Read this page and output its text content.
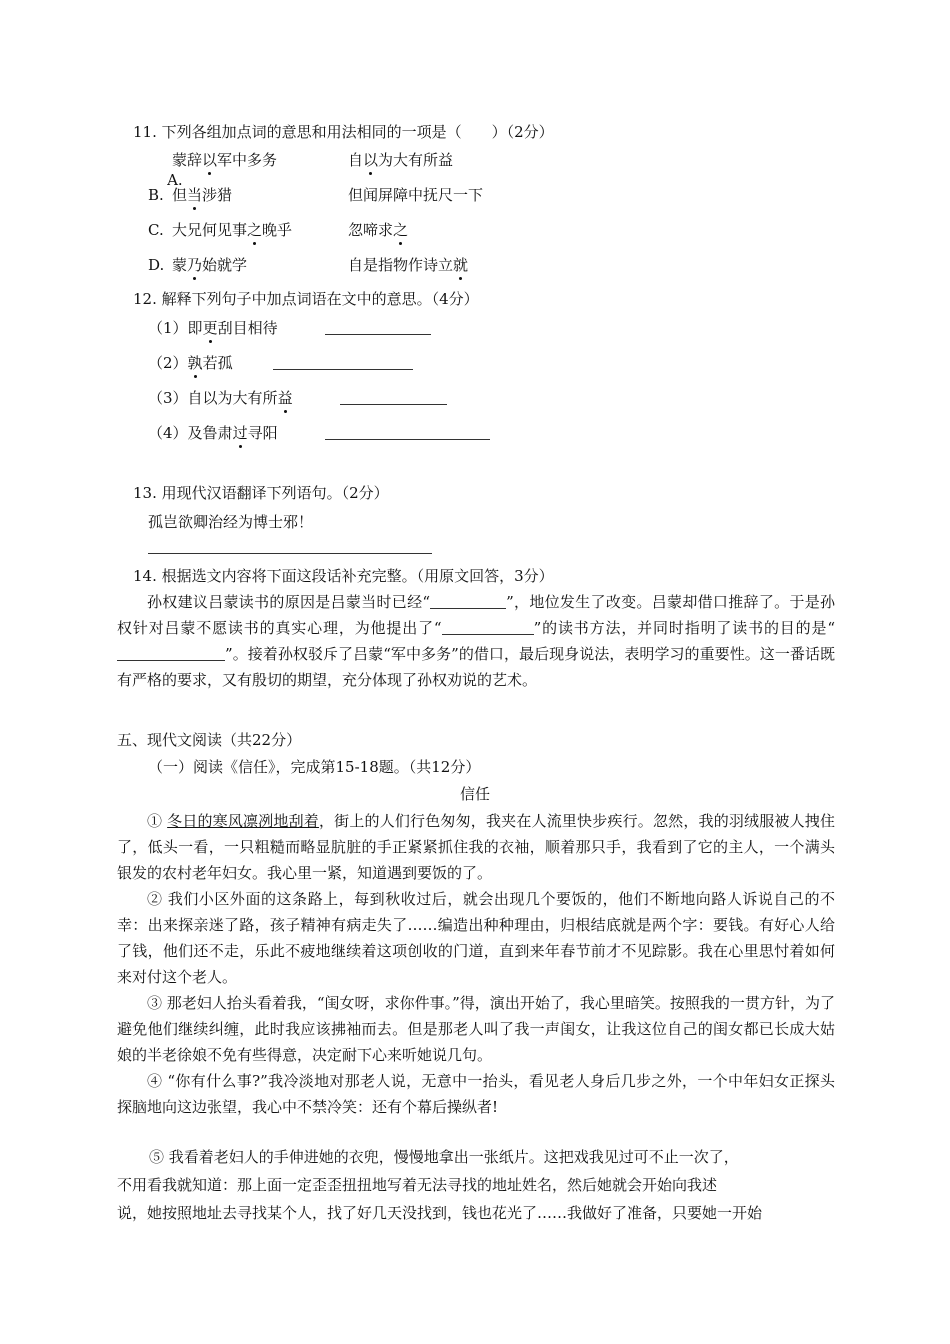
11. 下列各组加点词的意思和用法相同的一项是（　　）（2分）

A.

蒙辞以军中多务	自以为大有所益
B. 但当涉猎	但闻屏障中抚尺一下
C. 大兄何见事之晚乎	忽啼求之
D. 蒙乃始就学	自是指物作诗立就
12. 解释下列句子中加点词语在文中的意思。（4分）
（1）即更刮目相待
（2）孰若孤
（3）自以为大有所益
（4）及鲁肃过寻阳
13. 用现代汉语翻译下列语句。（2分）
孤岂欲卿治经为博士邪！
14. 根据选文内容将下面这段话补充完整。（用原文回答，3分）

孙权建议吕蒙读书的原因是吕蒙当时已经“	”，地位发生了改变。吕蒙却借口推辞了。于是孙权针对吕蒙不愿读书的真实心理，为他提出了“	”的读书方法，并同时指明了读书的目的是“”。接着孙权驳斥了吕蒙“军中多务”的借口，最后现身说法，表明学习的重要性。这一番话既有严格的要求，又有殷切的期望，充分体现了孙权劝说的艺术。

五、现代文阅读（共22分）
（一）阅读《信任》，完成第15-18题。（共12分）
信任

① 冬日的寒风凛冽地刮着，街上的人们行色匆匆，我夹在人流里快步疾行。忽然，我的羽绒服被人拽住了，低头一看，一只粗糙而略显肮脏的手正紧紧抓住我的衣袖，顺着那只手，我看到了它的主人，一个满头银发的农村老年妇女。我心里一紧，知道遇到要饭的了。

② 我们小区外面的这条路上，每到秋收过后，就会出现几个要饭的，他们不断地向路人诉说自己的不幸：出来探亲迷了路，孩子精神有病走失了……编造出种种理由，归根结底就是两个字：要钱。有好心人给了钱，他们还不走，乐此不疲地继续着这项创收的门道，直到来年春节前才不见踪影。我在心里思忖着如何来对付这个老人。

③ 那老妇人抬头看着我，“闺女呀，求你件事。”得，演出开始了，我心里暗笑。按照我的一贯方针，为了避免他们继续纠缠，此时我应该拂袖而去。但是那老人叫了我一声闺女，让我这位自己的闺女都已长成大姑娘的半老徐娘不免有些得意，决定耐下心来听她说几句。

④ “你有什么事?”我冷淡地对那老人说，无意中一抬头，看见老人身后几步之外，一个中年妇女正探头探脑地向这边张望，我心中不禁冷笑：还有个幕后操纵者!

⑤ 我看着老妇人的手伸进她的衣兜，慢慢地拿出一张纸片。这把戏我见过可不止一次了，
不用看我就知道：那上面一定歪歪扭扭地写着无法寻找的地址姓名，然后她就会开始向我述
说，她按照地址去寻找某个人，找了好几天没找到，钱也花光了……我做好了准备，只要她一开始
